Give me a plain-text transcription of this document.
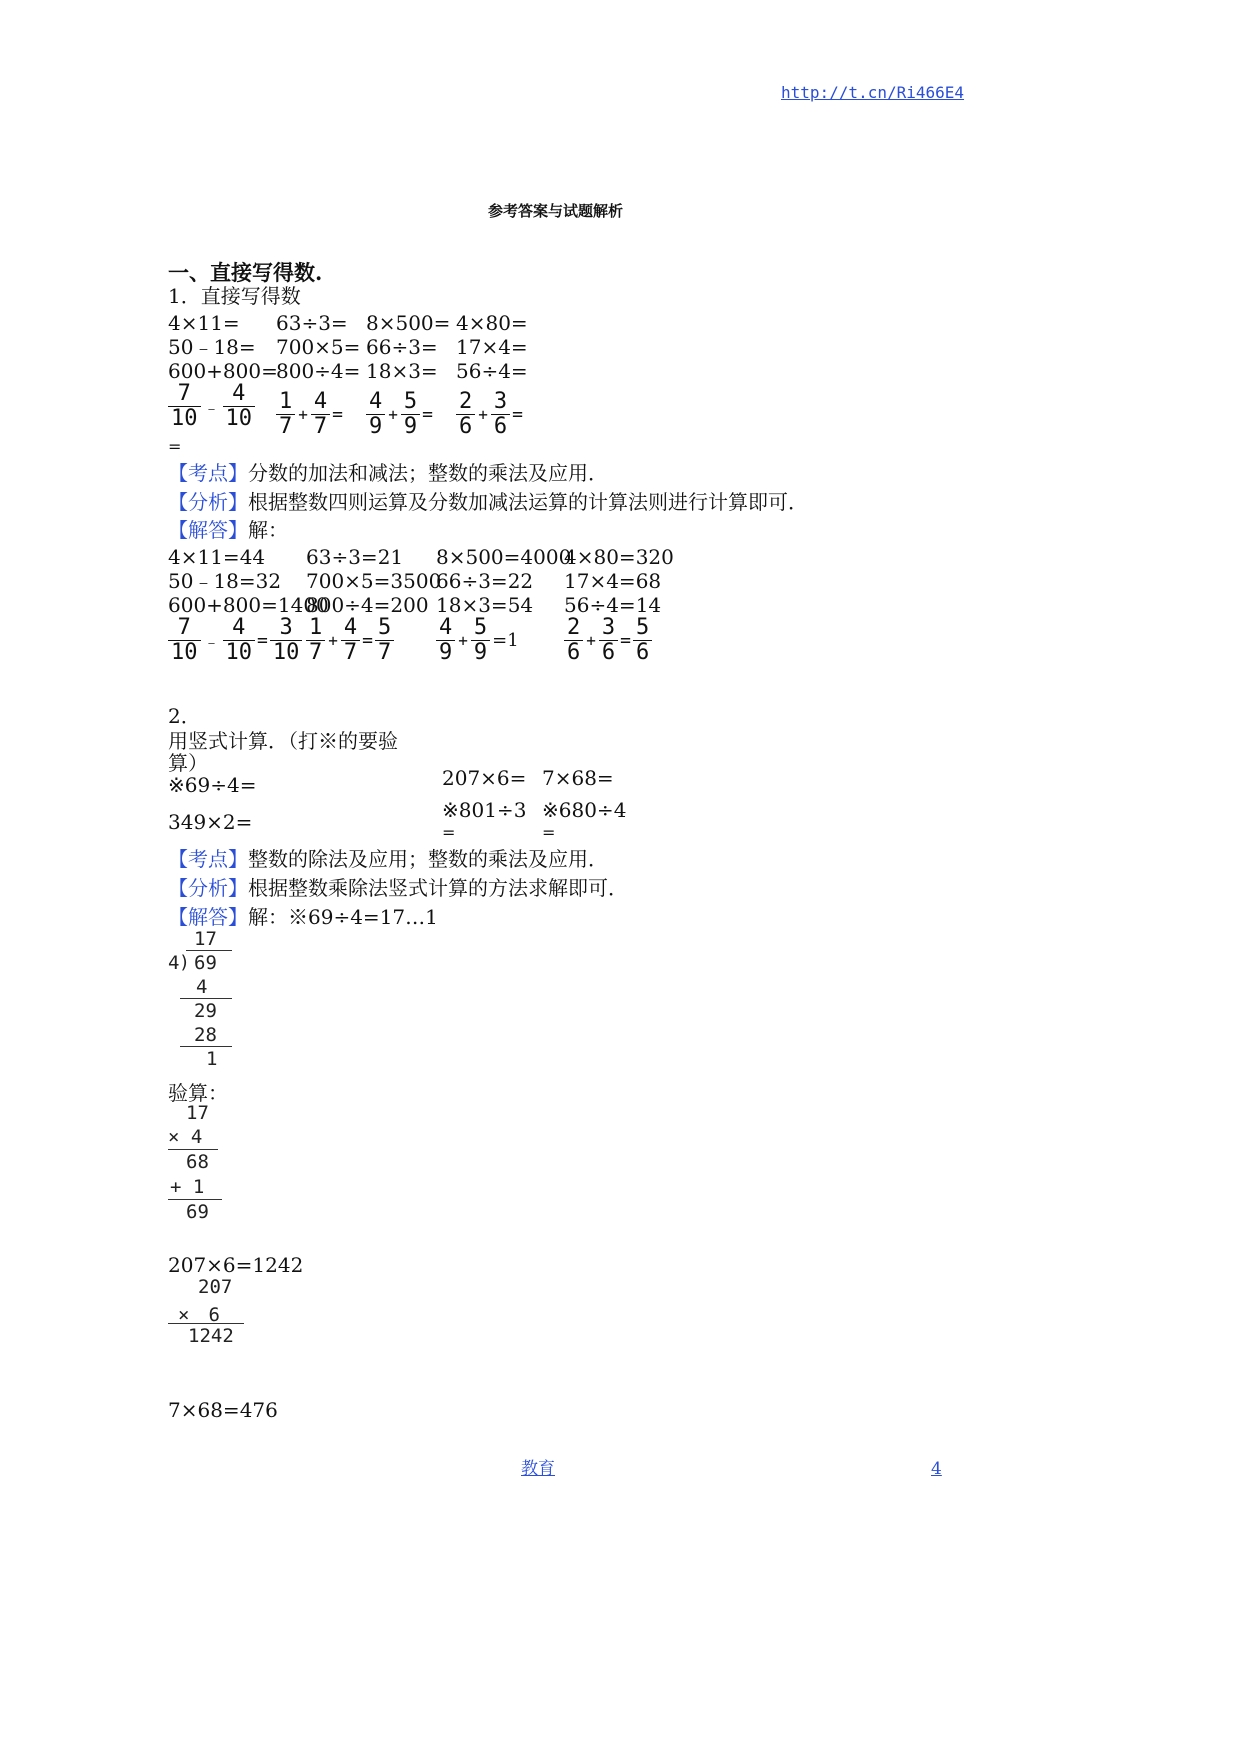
http://t.cn/Ri466E4
参考答案与试题解析
一、直接写得数.
1．直接写得数
4×11= 63÷3= 8×500= 4×80=
50﹣18= 700×5= 66÷3= 17×4=
600+800=
800÷4= 18×3= 56÷4=
$\frac{7}{10}$ ﹣ $\frac{4}{10}$
=
$\frac{1}{7} + \frac{4}{7} = \frac{4}{9} + \frac{5}{9} = \frac{2}{6} + \frac{3}{6}$ =
【考点】分数的加法和减法；整数的乘法及应用．
【分析】根据整数四则运算及分数加减法运算的计算法则进行计算即可．
【解答】解：
4×11=44 63÷3=21 8×500=4000
4×80=320
50﹣18=32 700×5=3500
66÷3=22 17×4=68
600+800=1400
800÷4=200 18×3=54 56÷4=14
$\frac{7}{10}$ ﹣ $\frac{4}{10} = \frac{3}{10} \frac{1}{7} + \frac{4}{7} = \frac{5}{7} \frac{4}{9} + \frac{5}{9} =1 \frac{2}{6} + \frac{3}{6} = \frac{5}{6}$
2．
用竖式计算．（打※的要验
算）
※69÷4=
349×2=
207×6= 7×68=
※801÷3 ※680÷4
=	=
【考点】整数的除法及应用；整数的乘法及应用．
【分析】根据整数乘除法竖式计算的方法求解即可．
【解答】解：※69÷4=17…1
17
4 ) 69
4
29
28
1
验算：
17
× 4
68
+ 1
69
207×6=1242
207
×　6
1242
7×68=476
教育	4
